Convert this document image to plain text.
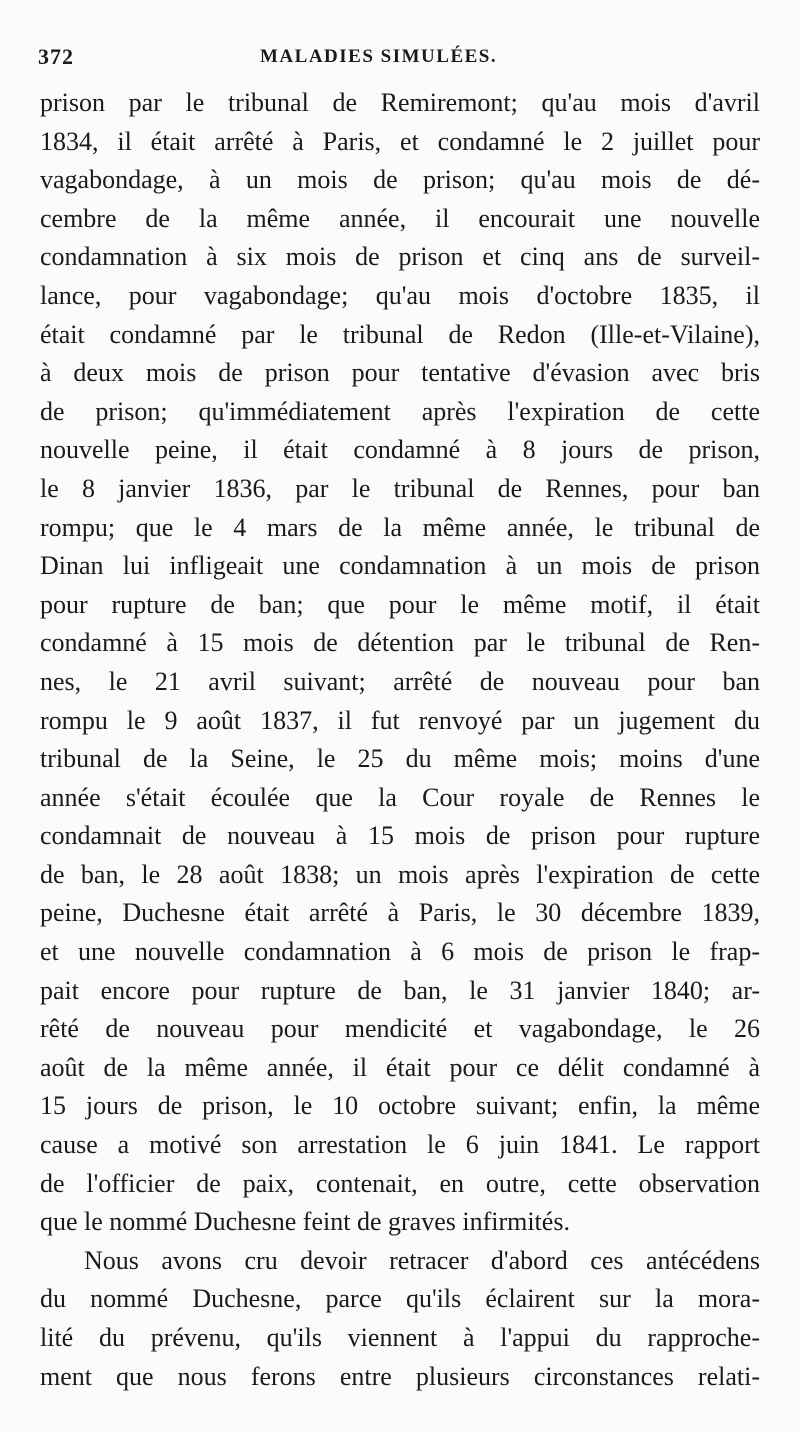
372	MALADIES SIMULÉES.
prison par le tribunal de Remiremont; qu'au mois d'avril
1834, il était arrêté à Paris, et condamné le 2 juillet pour
vagabondage, à un mois de prison; qu'au mois de dé-
cembre de la même année, il encourait une nouvelle
condamnation à six mois de prison et cinq ans de surveil-
lance, pour vagabondage; qu'au mois d'octobre 1835, il
était condamné par le tribunal de Redon (Ille-et-Vilaine),
à deux mois de prison pour tentative d'évasion avec bris
de prison; qu'immédiatement après l'expiration de cette
nouvelle peine, il était condamné à 8 jours de prison,
le 8 janvier 1836, par le tribunal de Rennes, pour ban
rompu; que le 4 mars de la même année, le tribunal de
Dinan lui infligeait une condamnation à un mois de prison
pour rupture de ban; que pour le même motif, il était
condamné à 15 mois de détention par le tribunal de Ren-
nes, le 21 avril suivant; arrêté de nouveau pour ban
rompu le 9 août 1837, il fut renvoyé par un jugement du
tribunal de la Seine, le 25 du même mois; moins d'une
année s'était écoulée que la Cour royale de Rennes le
condamnait de nouveau à 15 mois de prison pour rupture
de ban, le 28 août 1838; un mois après l'expiration de cette
peine, Duchesne était arrêté à Paris, le 30 décembre 1839,
et une nouvelle condamnation à 6 mois de prison le frap-
pait encore pour rupture de ban, le 31 janvier 1840; ar-
rêté de nouveau pour mendicité et vagabondage, le 26
août de la même année, il était pour ce délit condamné à
15 jours de prison, le 10 octobre suivant; enfin, la même
cause a motivé son arrestation le 6 juin 1841. Le rapport
de l'officier de paix, contenait, en outre, cette observation
que le nommé Duchesne feint de graves infirmités.
Nous avons cru devoir retracer d'abord ces antécédens
du nommé Duchesne, parce qu'ils éclairent sur la mora-
lité du prévenu, qu'ils viennent à l'appui du rapproche-
ment que nous ferons entre plusieurs circonstances relati-
